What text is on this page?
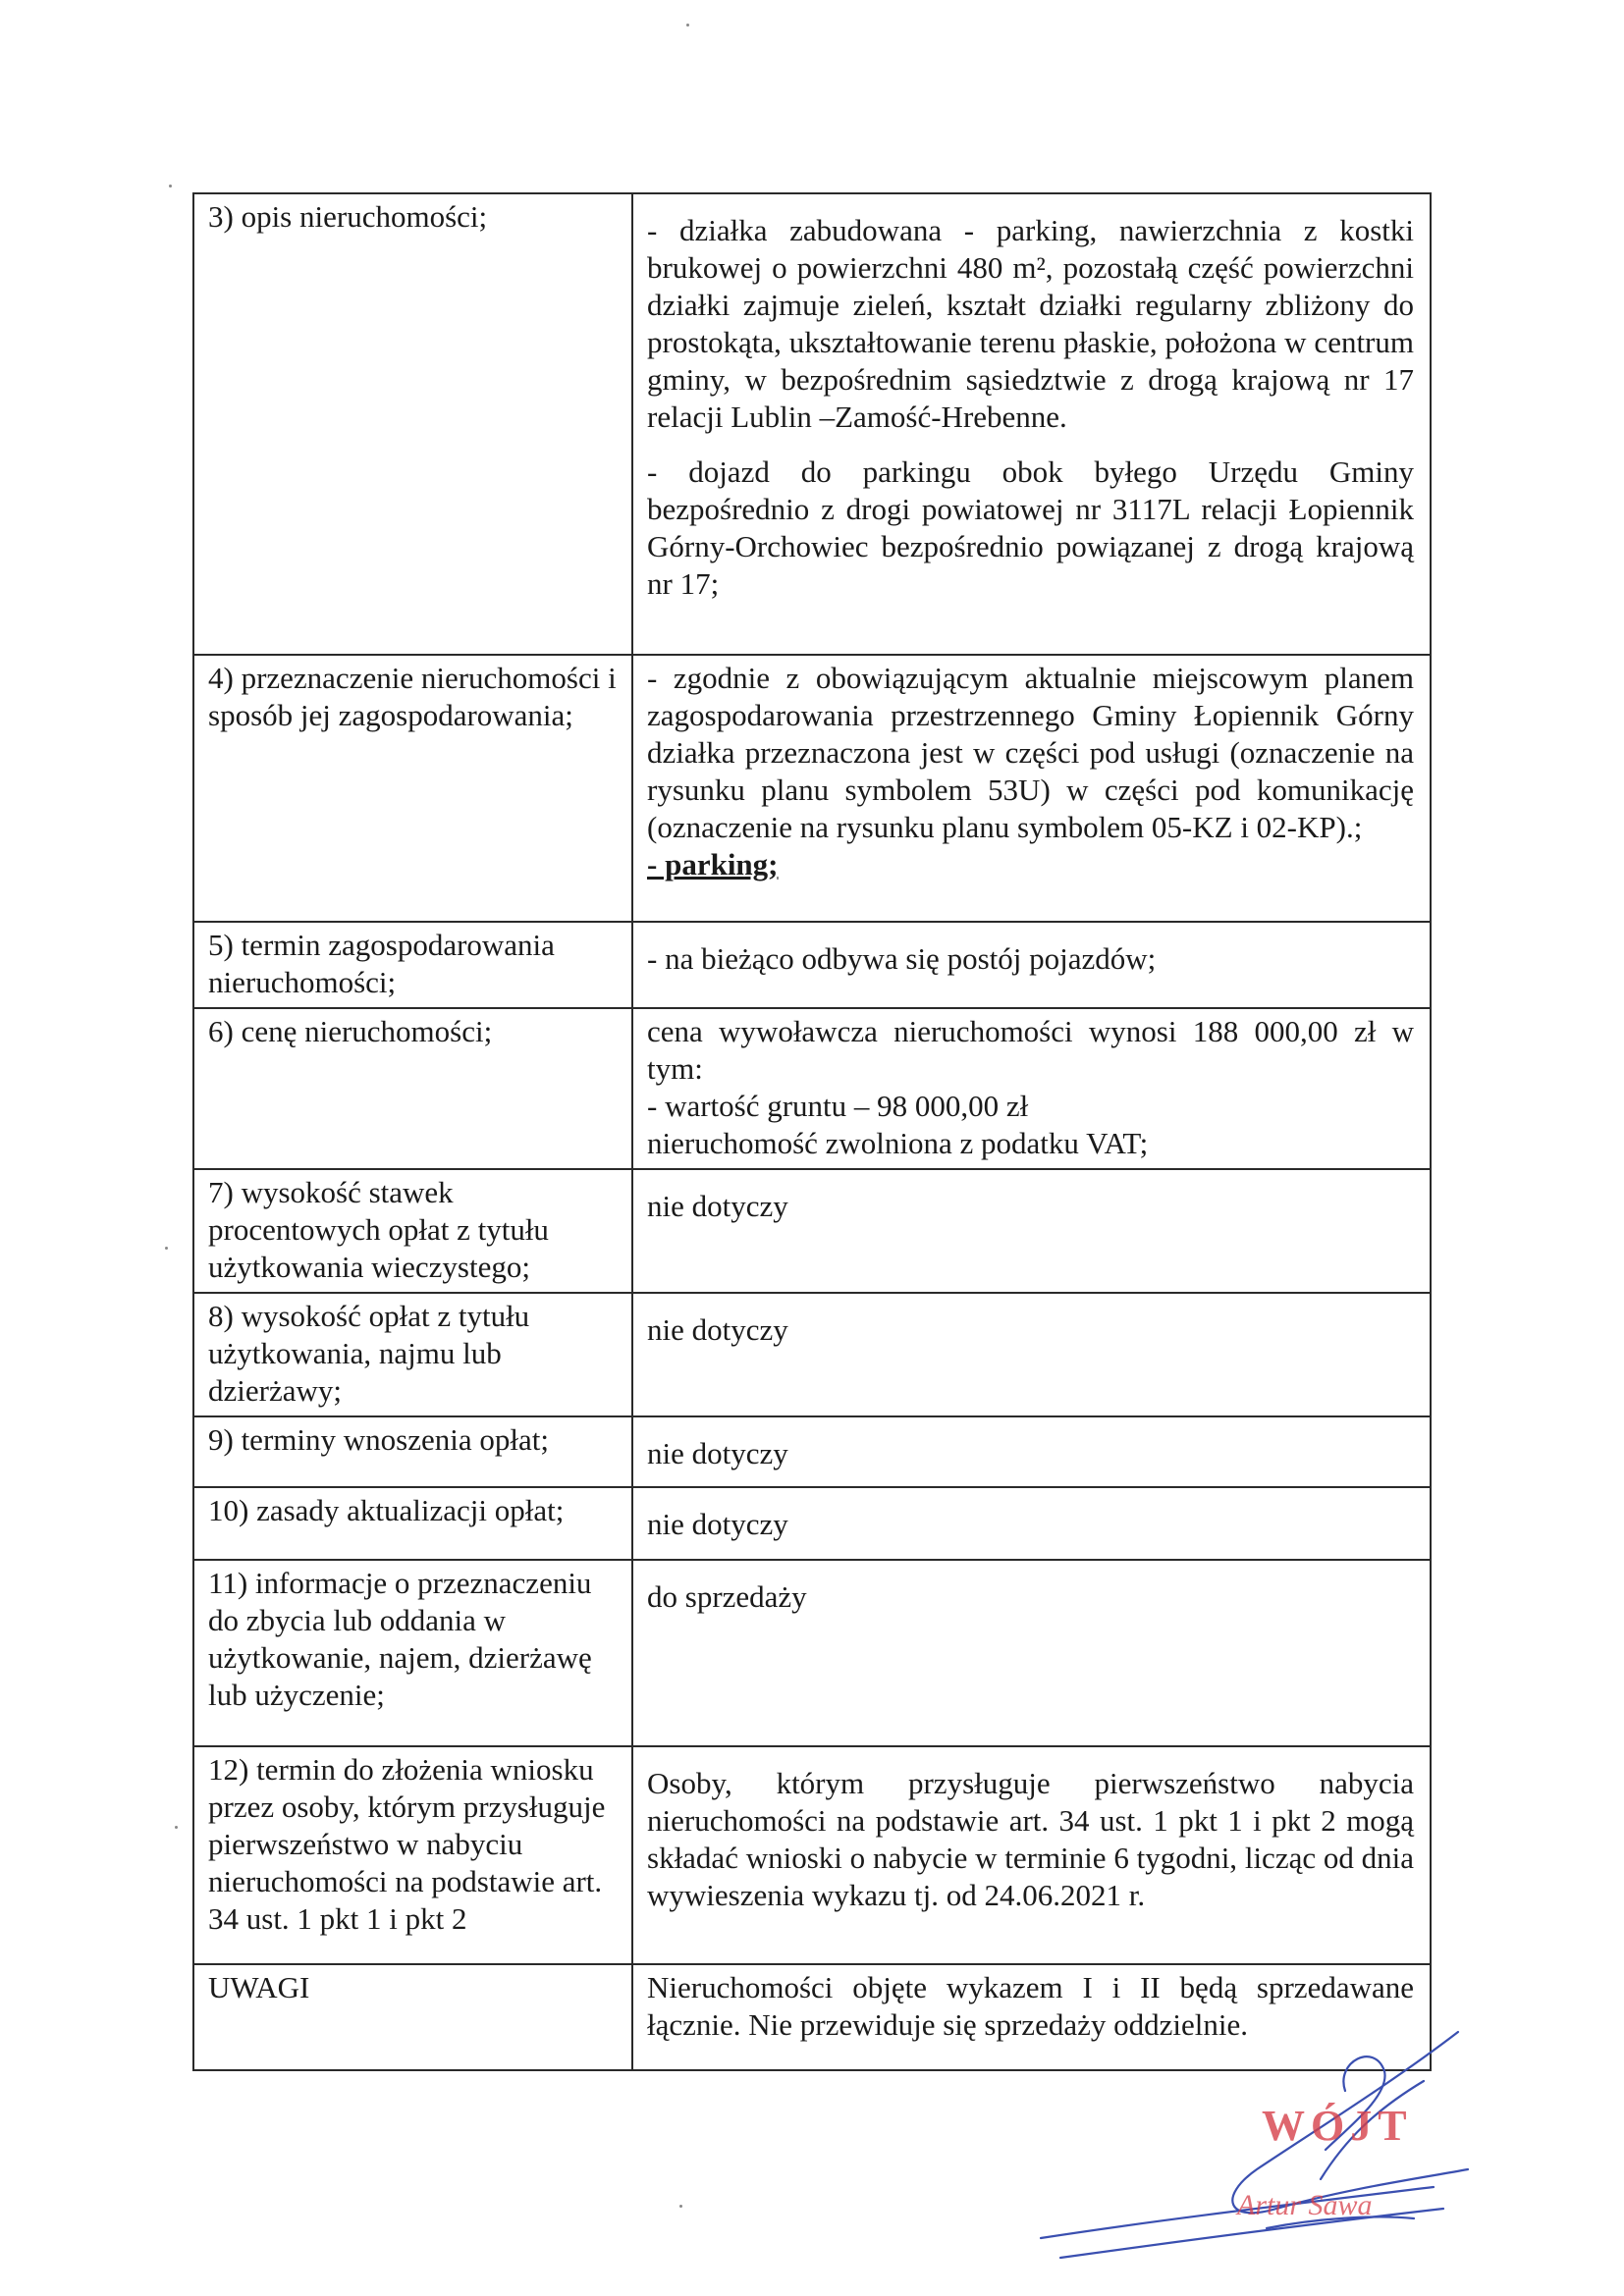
3) opis nieruchomości;	- działka zabudowana - parking, nawierzchnia z kostki brukowej o powierzchni 480 m², pozostałą część powierzchni działki zajmuje zieleń, kształt działki regularny zbliżony do prostokąta, ukształtowanie terenu płaskie, położona w centrum gminy, w bezpośrednim sąsiedztwie z drogą krajową nr 17 relacji Lublin –Zamość-Hrebenne.

- dojazd do parkingu obok byłego Urzędu Gminy bezpośrednio z drogi powiatowej nr 3117L relacji Łopiennik Górny-Orchowiec bezpośrednio powiązanej z drogą krajową nr 17;

4) przeznaczenie nieruchomości i sposób jej zagospodarowania;	- zgodnie z obowiązującym aktualnie miejscowym planem zagospodarowania przestrzennego Gminy Łopiennik Górny działka przeznaczona jest w części pod usługi (oznaczenie na rysunku planu symbolem 53U) w części pod komunikację (oznaczenie na rysunku planu symbolem 05-KZ i 02-KP).;

- parking;

5) termin zagospodarowania nieruchomości;	- na bieżąco odbywa się postój pojazdów;

6) cenę nieruchomości;	cena wywoławcza nieruchomości wynosi 188 000,00 zł w tym:

- wartość gruntu – 98 000,00 zł

nieruchomość zwolniona z podatku VAT;

7) wysokość stawek procentowych opłat z tytułu użytkowania wieczystego;	nie dotyczy

8) wysokość opłat z tytułu użytkowania, najmu lub dzierżawy;	nie dotyczy

9) terminy wnoszenia opłat;	nie dotyczy

10) zasady aktualizacji opłat;	nie dotyczy

11) informacje o przeznaczeniu do zbycia lub oddania w użytkowanie, najem, dzierżawę lub użyczenie;	do sprzedaży

12) termin do złożenia wniosku przez osoby, którym przysługuje pierwszeństwo w nabyciu nieruchomości na podstawie art. 34 ust. 1 pkt 1 i pkt 2	Osoby, którym przysługuje pierwszeństwo nabycia nieruchomości na podstawie art. 34 ust. 1 pkt 1 i pkt 2 mogą składać wnioski o nabycie w terminie 6 tygodni, licząc od dnia wywieszenia wykazu tj. od 24.06.2021 r.

UWAGI	Nieruchomości objęte wykazem I i II będą sprzedawane łącznie. Nie przewiduje się sprzedaży oddzielnie.

WÓJT
Artur Sawa
